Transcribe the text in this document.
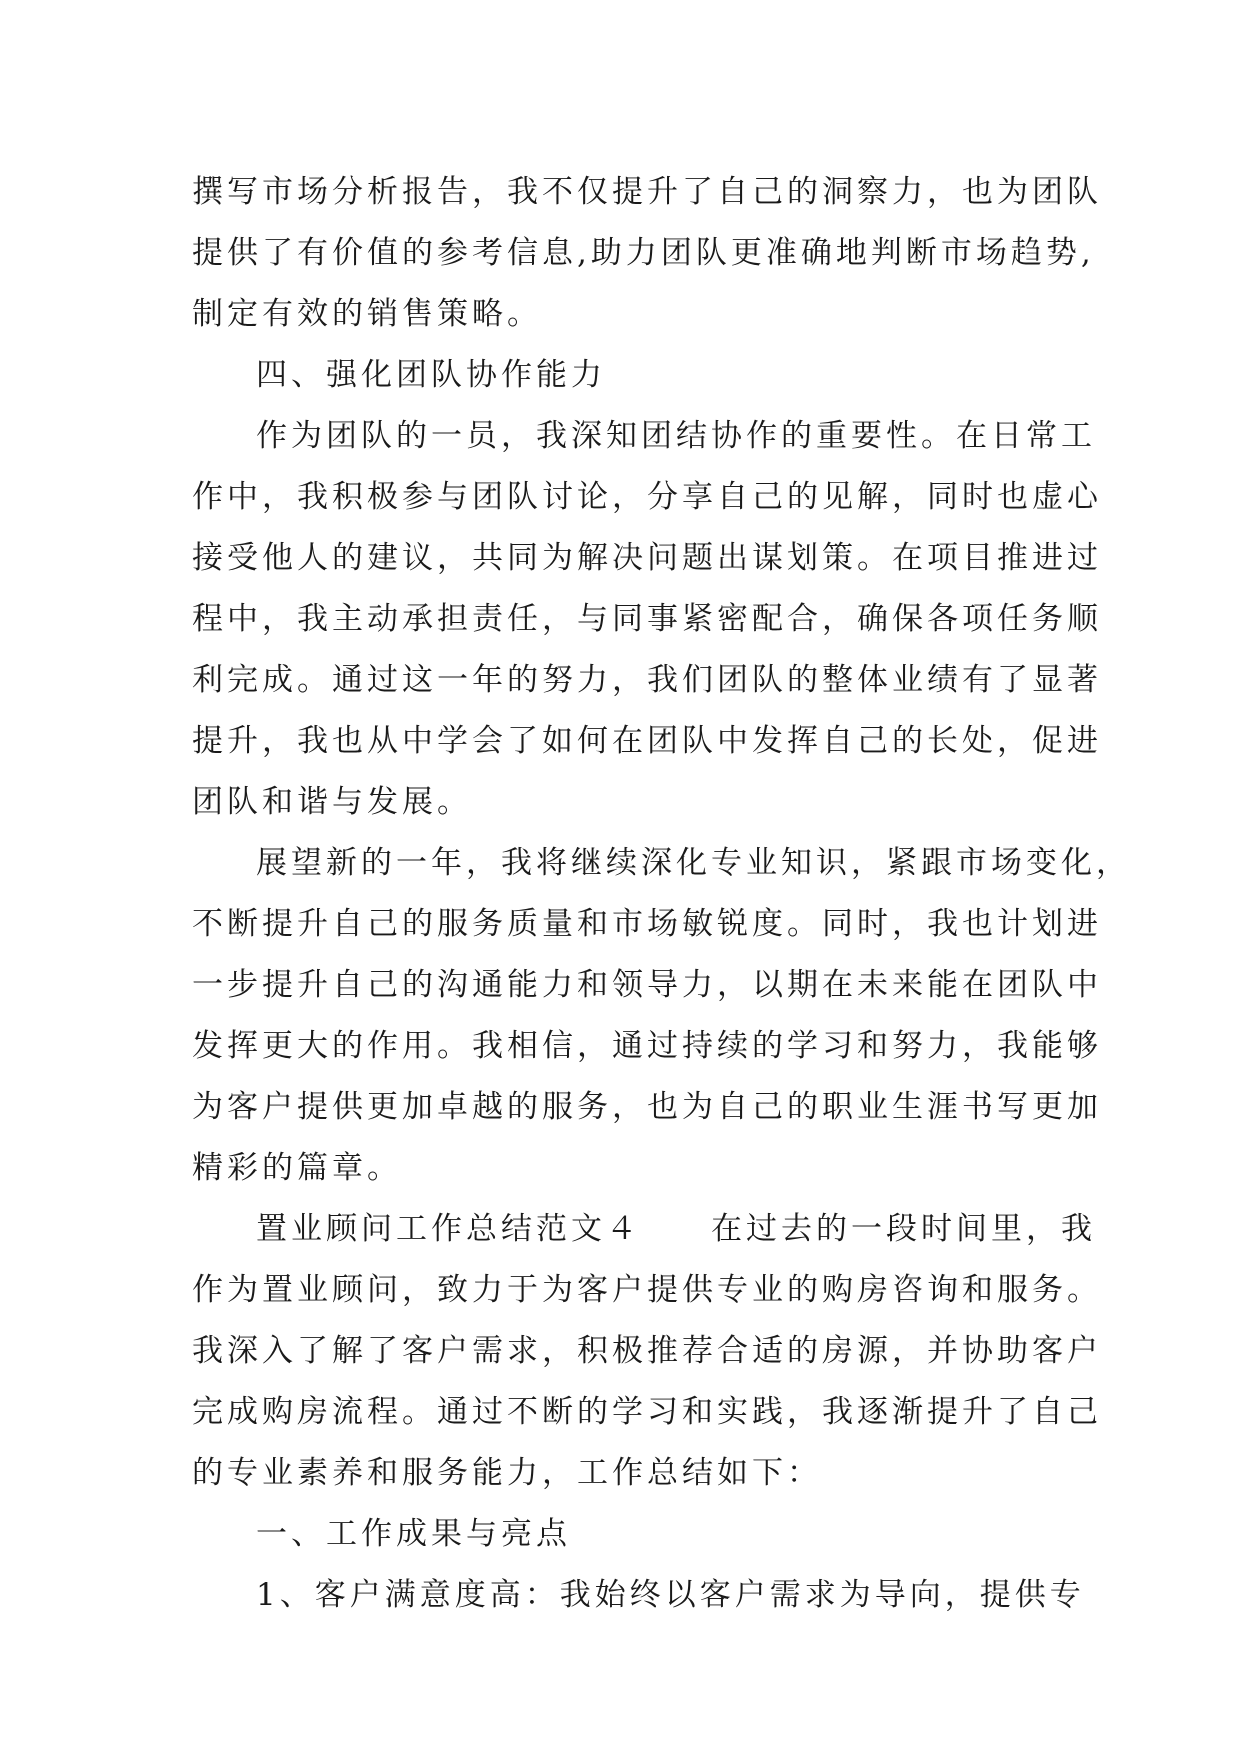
撰写市场分析报告，我不仅提升了自己的洞察力，也为团队
提供了有价值的参考信息,助力团队更准确地判断市场趋势,
制定有效的销售策略。
四、强化团队协作能力
作为团队的一员，我深知团结协作的重要性。在日常工
作中，我积极参与团队讨论，分享自己的见解，同时也虚心
接受他人的建议，共同为解决问题出谋划策。在项目推进过
程中，我主动承担责任，与同事紧密配合，确保各项任务顺
利完成。通过这一年的努力，我们团队的整体业绩有了显著
提升，我也从中学会了如何在团队中发挥自己的长处，促进
团队和谐与发展。
展望新的一年，我将继续深化专业知识，紧跟市场变化，
不断提升自己的服务质量和市场敏锐度。同时，我也计划进
一步提升自己的沟通能力和领导力，以期在未来能在团队中
发挥更大的作用。我相信，通过持续的学习和努力，我能够
为客户提供更加卓越的服务，也为自己的职业生涯书写更加
精彩的篇章。
置业顾问工作总结范文４　　在过去的一段时间里，我
作为置业顾问，致力于为客户提供专业的购房咨询和服务。
我深入了解了客户需求，积极推荐合适的房源，并协助客户
完成购房流程。通过不断的学习和实践，我逐渐提升了自己
的专业素养和服务能力，工作总结如下：
一、工作成果与亮点
1、客户满意度高：我始终以客户需求为导向，提供专
